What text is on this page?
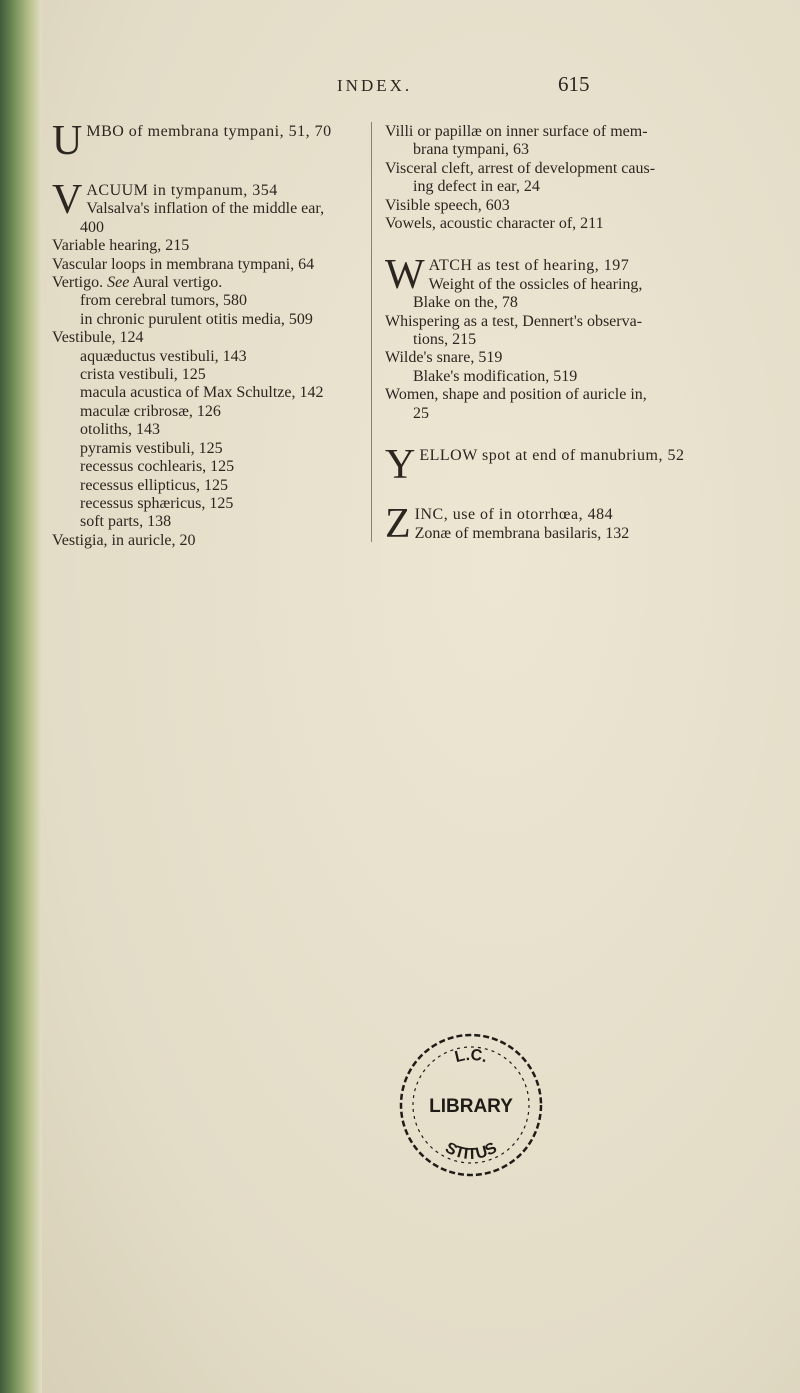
INDEX.	615
UMBO of membrana tympani, 51, 70
VACUUM in tympanum, 354
Valsalva's inflation of the middle ear,
400
Variable hearing, 215
Vascular loops in membrana tympani, 64
Vertigo. See Aural vertigo.
from cerebral tumors, 580
in chronic purulent otitis media, 509
Vestibule, 124
aquæductus vestibuli, 143
crista vestibuli, 125
macula acustica of Max Schultze, 142
maculæ cribrosæ, 126
otoliths, 143
pyramis vestibuli, 125
recessus cochlearis, 125
recessus ellipticus, 125
recessus sphæricus, 125
soft parts, 138
Vestigia, in auricle, 20
Villi or papillæ on inner surface of mem-
brana tympani, 63
Visceral cleft, arrest of development caus-
ing defect in ear, 24
Visible speech, 603
Vowels, acoustic character of, 211
WATCH as test of hearing, 197
Weight of the ossicles of hearing,
Blake on the, 78
Whispering as a test, Dennert's observa-
tions, 215
Wilde's snare, 519
Blake's modification, 519
Women, shape and position of auricle in,
25
YELLOW spot at end of manubrium, 52
ZINC, use of in otorrhœa, 484
Zonæ of membrana basilaris, 132
L.C.
LIBRARY
STITUS
